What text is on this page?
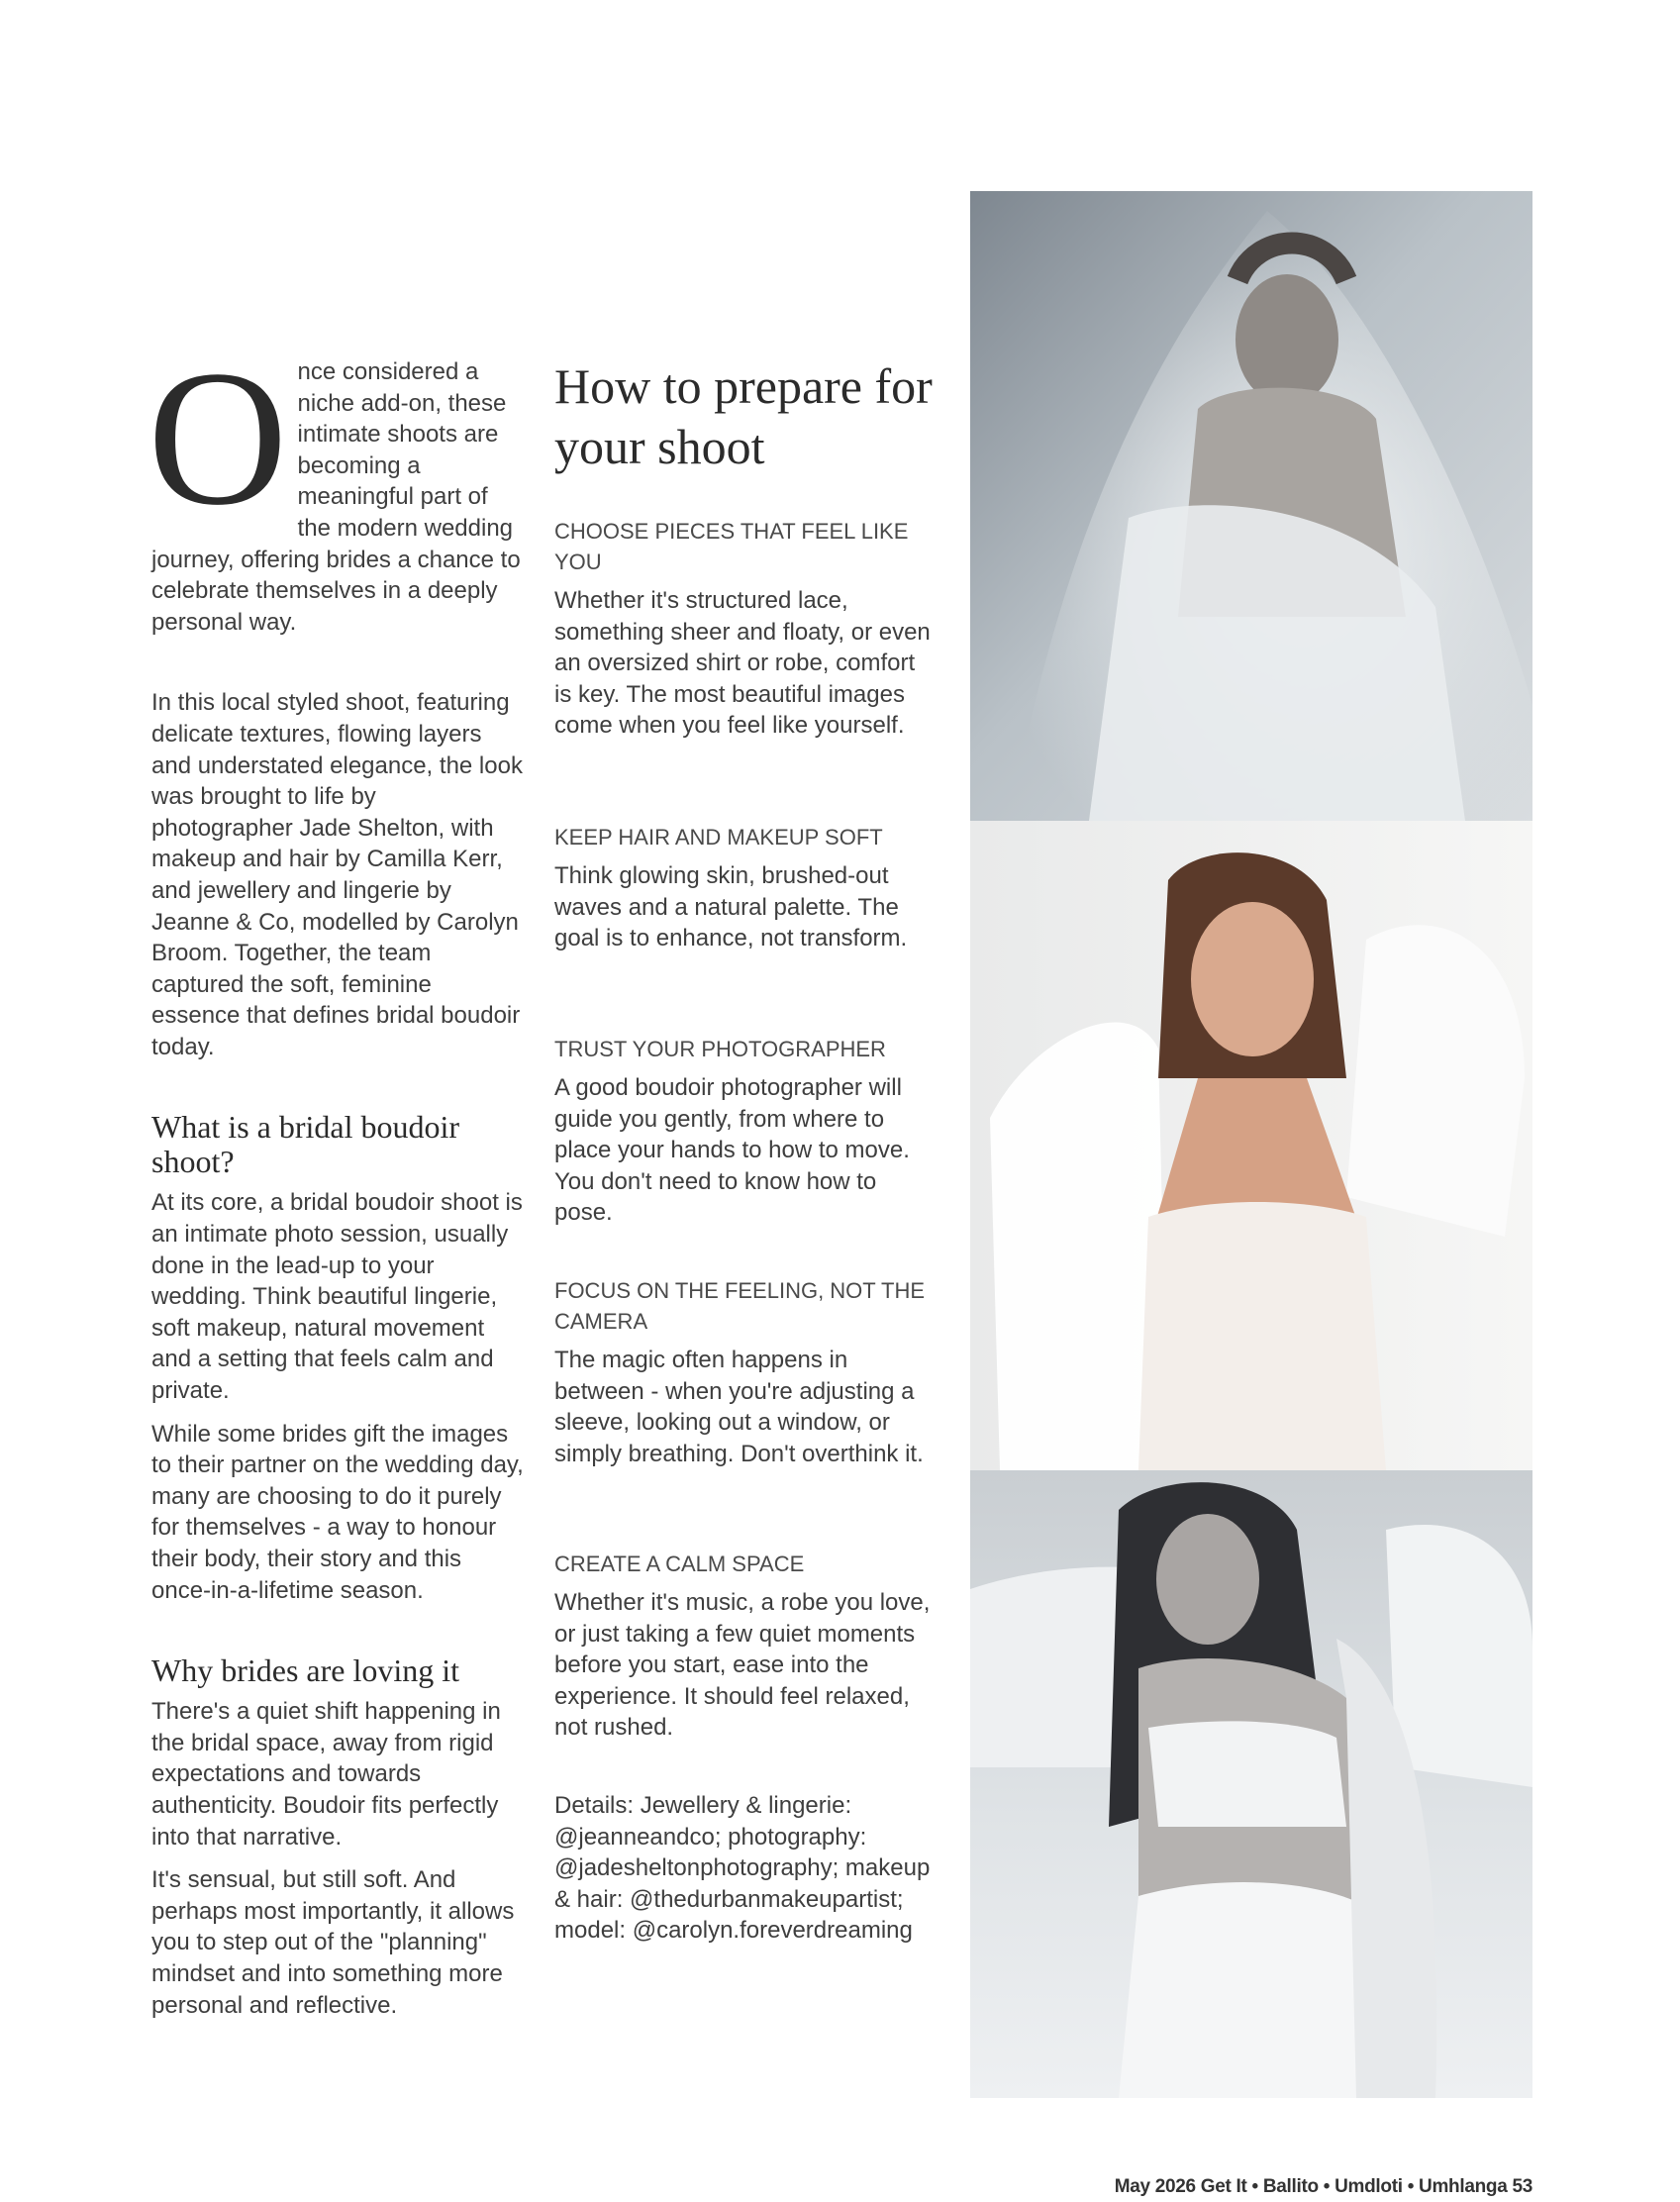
Once considered a niche add-on, these intimate shoots are becoming a meaningful part of the modern wedding journey, offering brides a chance to celebrate themselves in a deeply personal way.

In this local styled shoot, featuring delicate textures, flowing layers and understated elegance, the look was brought to life by photographer Jade Shelton, with makeup and hair by Camilla Kerr, and jewellery and lingerie by Jeanne & Co, modelled by Carolyn Broom. Together, the team captured the soft, feminine essence that defines bridal boudoir today.

What is a bridal boudoir shoot?

At its core, a bridal boudoir shoot is an intimate photo session, usually done in the lead-up to your wedding. Think beautiful lingerie, soft makeup, natural movement and a setting that feels calm and private.

While some brides gift the images to their partner on the wedding day, many are choosing to do it purely for themselves - a way to honour their body, their story and this once-in-a-lifetime season.

Why brides are loving it

There's a quiet shift happening in the bridal space, away from rigid expectations and towards authenticity. Boudoir fits perfectly into that narrative.

It's sensual, but still soft. And perhaps most importantly, it allows you to step out of the "planning" mindset and into something more personal and reflective.

How to prepare for your shoot

CHOOSE PIECES THAT FEEL LIKE YOU

Whether it's structured lace, something sheer and floaty, or even an oversized shirt or robe, comfort is key. The most beautiful images come when you feel like yourself.

KEEP HAIR AND MAKEUP SOFT

Think glowing skin, brushed-out waves and a natural palette. The goal is to enhance, not transform.

TRUST YOUR PHOTOGRAPHER

A good boudoir photographer will guide you gently, from where to place your hands to how to move. You don't need to know how to pose.

FOCUS ON THE FEELING, NOT THE CAMERA

The magic often happens in between - when you're adjusting a sleeve, looking out a window, or simply breathing. Don't overthink it.

CREATE A CALM SPACE

Whether it's music, a robe you love, or just taking a few quiet moments before you start, ease into the experience. It should feel relaxed, not rushed.

Details: Jewellery & lingerie: @jeanneandco; photography: @jadesheltonphotography; makeup & hair: @thedurbanmakeupartist; model: @carolyn.foreverdreaming

May 2026 Get It • Ballito • Umdloti • Umhlanga 53
